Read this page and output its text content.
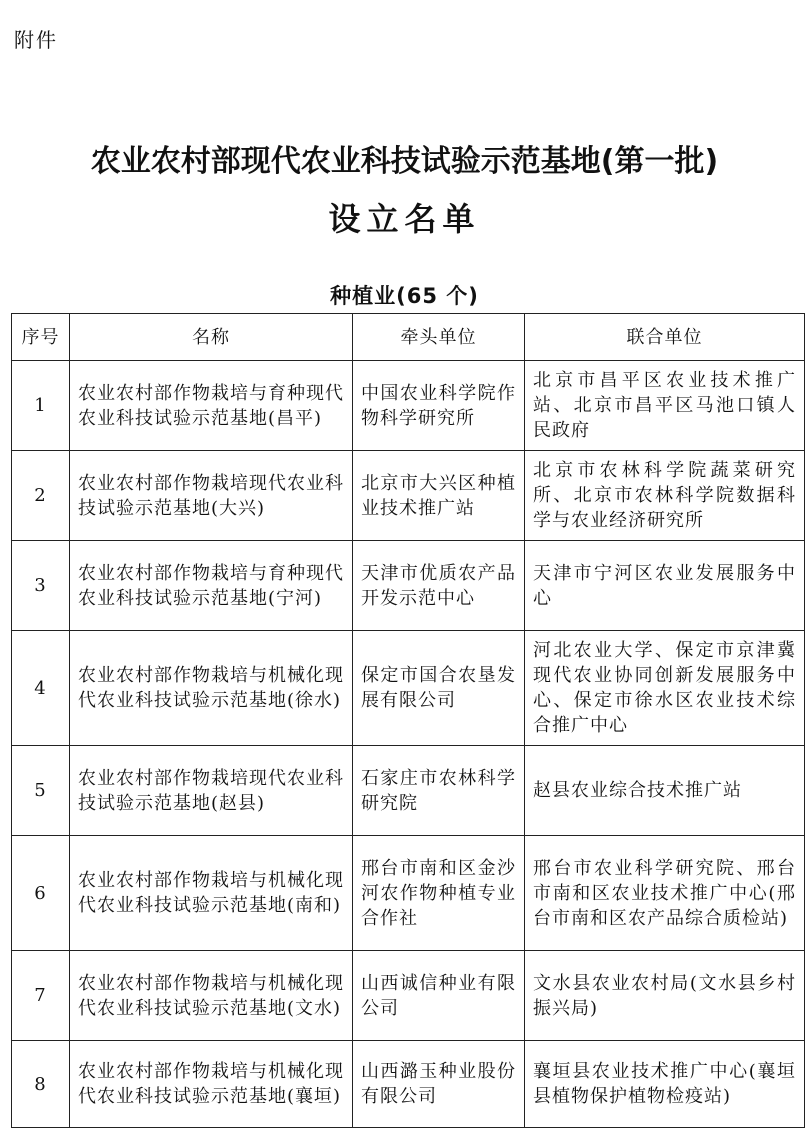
附件
农业农村部现代农业科技试验示范基地(第一批)
设立名单
种植业(65 个)
序号	名称	牵头单位	联合单位
1	农业农村部作物栽培与育种现代农业科技试验示范基地(昌平)	中国农业科学院作物科学研究所	北京市昌平区农业技术推广站、北京市昌平区马池口镇人民政府
2	农业农村部作物栽培现代农业科技试验示范基地(大兴)	北京市大兴区种植业技术推广站	北京市农林科学院蔬菜研究所、北京市农林科学院数据科学与农业经济研究所
3	农业农村部作物栽培与育种现代农业科技试验示范基地(宁河)	天津市优质农产品开发示范中心	天津市宁河区农业发展服务中心
4	农业农村部作物栽培与机械化现代农业科技试验示范基地(徐水)	保定市国合农垦发展有限公司	河北农业大学、保定市京津冀现代农业协同创新发展服务中心、保定市徐水区农业技术综合推广中心
5	农业农村部作物栽培现代农业科技试验示范基地(赵县)	石家庄市农林科学研究院	赵县农业综合技术推广站
6	农业农村部作物栽培与机械化现代农业科技试验示范基地(南和)	邢台市南和区金沙河农作物种植专业合作社	邢台市农业科学研究院、邢台市南和区农业技术推广中心(邢台市南和区农产品综合质检站)
7	农业农村部作物栽培与机械化现代农业科技试验示范基地(文水)	山西诚信种业有限公司	文水县农业农村局(文水县乡村振兴局)
8	农业农村部作物栽培与机械化现代农业科技试验示范基地(襄垣)	山西潞玉种业股份有限公司	襄垣县农业技术推广中心(襄垣县植物保护植物检疫站)
